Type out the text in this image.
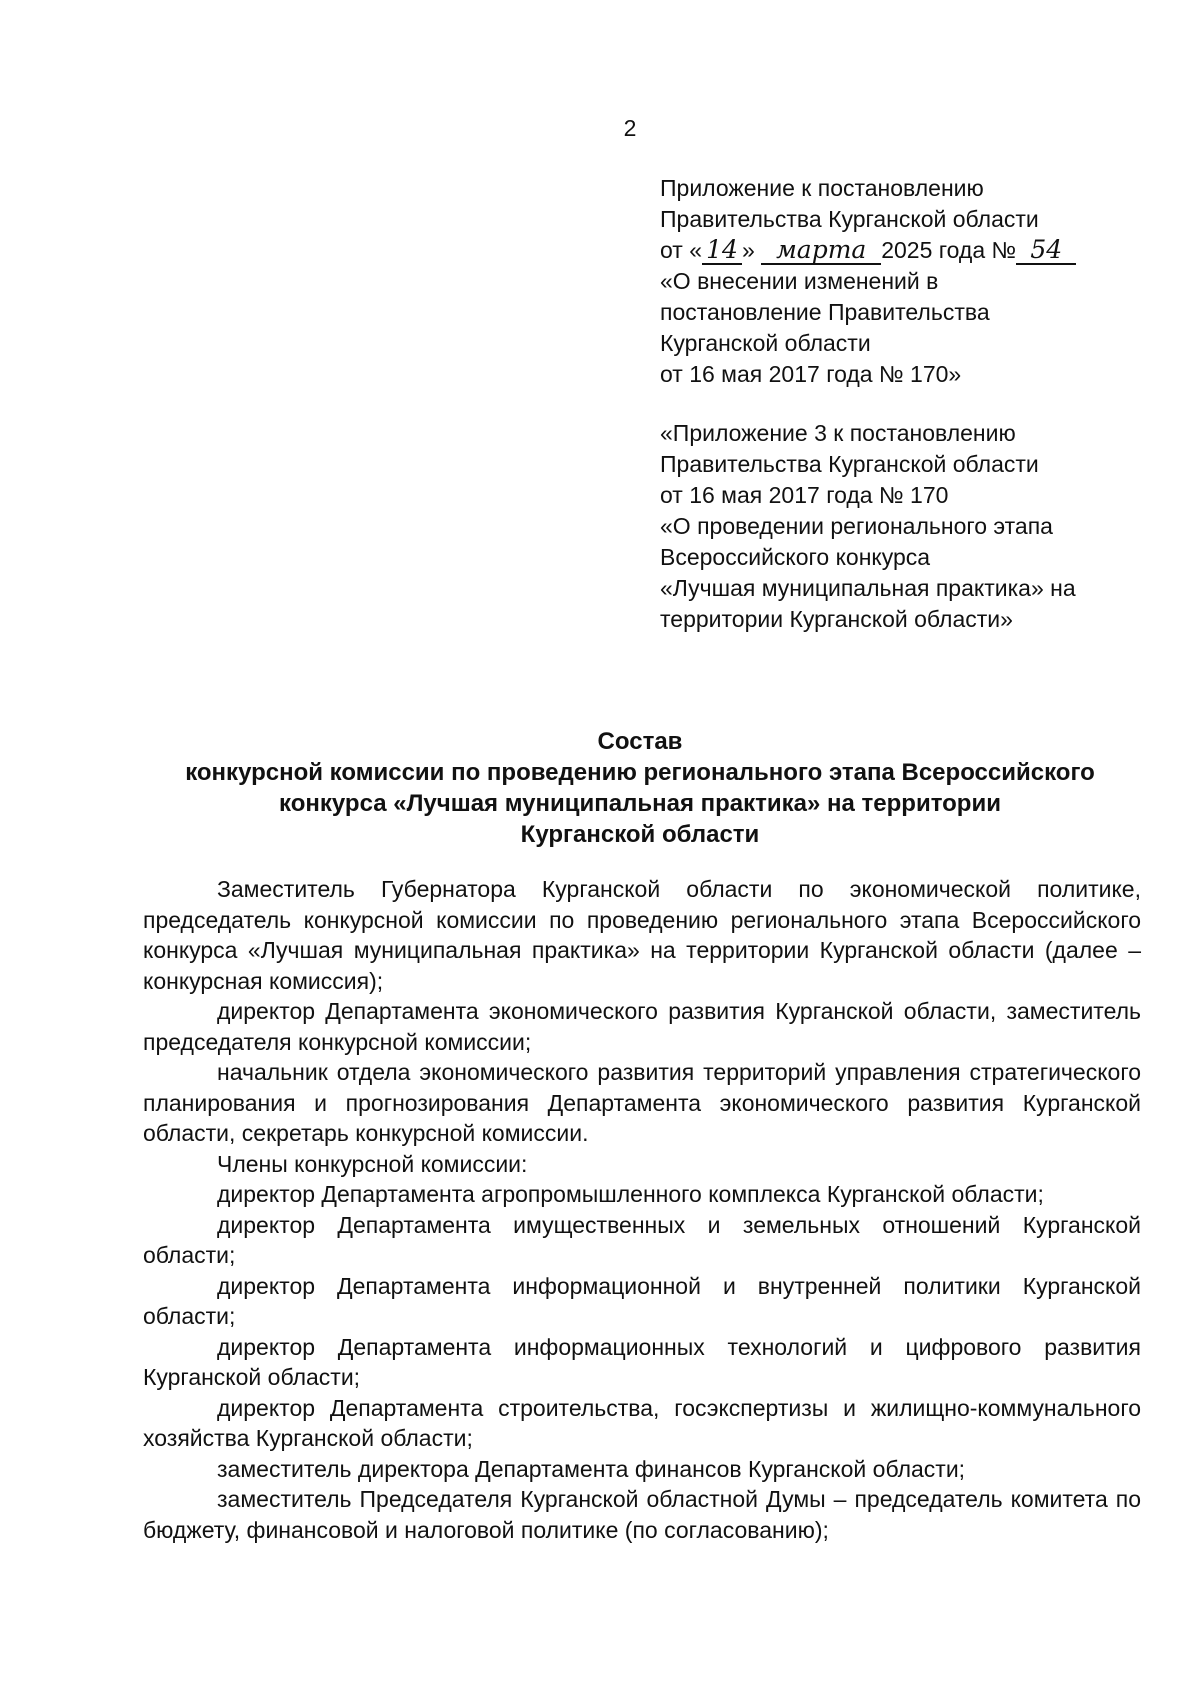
2
Приложение к постановлению
Правительства Курганской области
от « 14 » марта 2025 года № 54
«О внесении изменений в
постановление Правительства
Курганской области
от 16 мая 2017 года № 170»
«Приложение 3 к постановлению
Правительства Курганской области
от 16 мая 2017 года № 170
«О проведении регионального этапа
Всероссийского конкурса
«Лучшая муниципальная практика» на
территории Курганской области»
Состав
конкурсной комиссии по проведению регионального этапа Всероссийского
конкурса «Лучшая муниципальная практика» на территории
Курганской области

Заместитель Губернатора Курганской области по экономической политике, председатель конкурсной комиссии по проведению регионального этапа Всероссийского конкурса «Лучшая муниципальная практика» на территории Курганской области (далее – конкурсная комиссия);

директор Департамента экономического развития Курганской области, заместитель председателя конкурсной комиссии;

начальник отдела экономического развития территорий управления стратегического планирования и прогнозирования Департамента экономического развития Курганской области, секретарь конкурсной комиссии.

Члены конкурсной комиссии:

директор Департамента агропромышленного комплекса Курганской области;

директор Департамента имущественных и земельных отношений Курганской области;

директор Департамента информационной и внутренней политики Курганской области;

директор Департамента информационных технологий и цифрового развития Курганской области;

директор Департамента строительства, госэкспертизы и жилищно-коммунального хозяйства Курганской области;

заместитель директора Департамента финансов Курганской области;

заместитель Председателя Курганской областной Думы – председатель комитета по бюджету, финансовой и налоговой политике (по согласованию);
